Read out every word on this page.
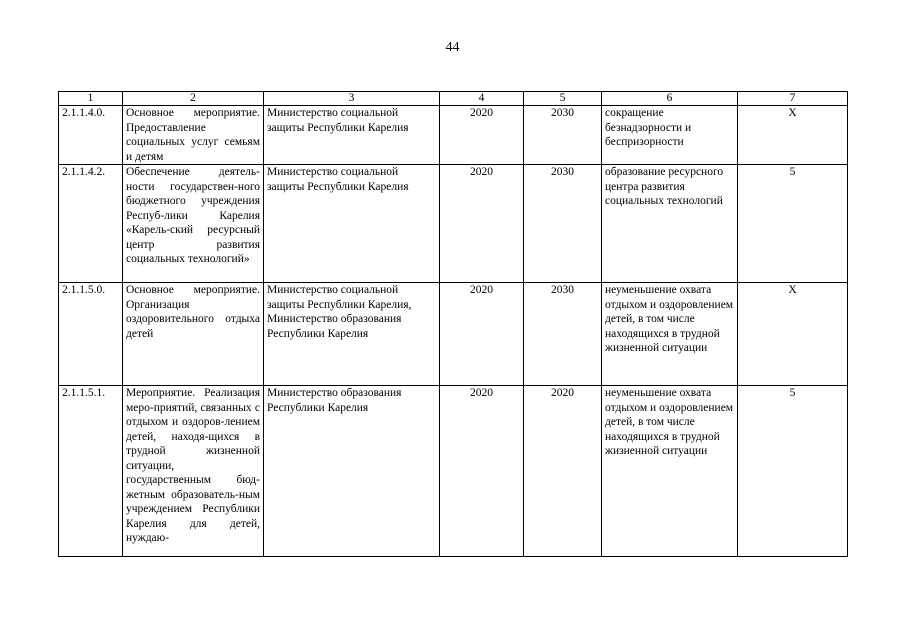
44
1	2	3	4	5	6	7
2.1.1.4.0.	Основное мероприятие. Предоставление социальных услуг семьям и детям	Министерство социальной защиты Республики Карелия	2020	2030	сокращение безнадзорности и беспризорности	X
2.1.1.4.2.	Обеспечение деятель-ности государствен-ного бюджетного учреждения Респуб-лики Карелия «Карель-ский ресурсный центр развития социальных технологий»	Министерство социальной защиты Республики Карелия	2020	2030	образование ресурсного центра развития социальных технологий	5
2.1.1.5.0.	Основное мероприятие. Организация оздоровительного отдыха детей	Министерство социальной защиты Республики Карелия, Министерство образования Республики Карелия	2020	2030	неуменьшение охвата отдыхом и оздоровлением детей, в том числе находящихся в трудной жизненной ситуации	X
2.1.1.5.1.	Мероприятие. Реализация меро-приятий, связанных с отдыхом и оздоров-лением детей, находя-щихся в трудной жизненной ситуации, государственным бюд-жетным образователь-ным учреждением Республики Карелия для детей, нуждаю-	Министерство образования Республики Карелия	2020	2020	неуменьшение охвата отдыхом и оздоровлением детей, в том числе находящихся в трудной жизненной ситуации	5
